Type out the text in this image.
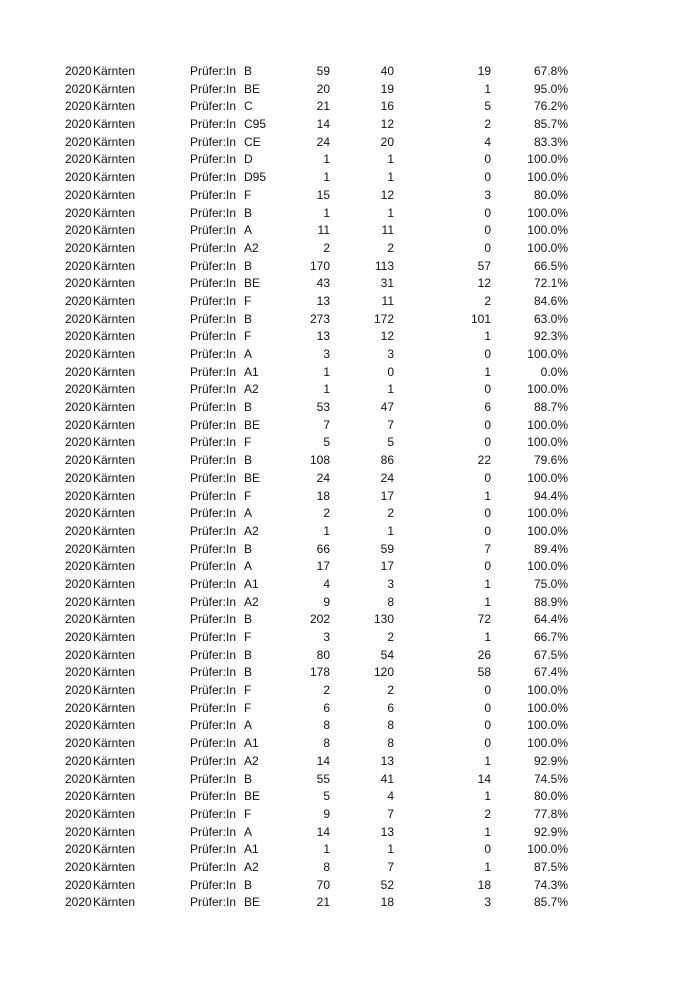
2020 Kärnten	Prüfer:In B	59	40	19	67.8%
2020 Kärnten	Prüfer:In BE	20	19	1	95.0%
2020 Kärnten	Prüfer:In C	21	16	5	76.2%
2020 Kärnten	Prüfer:In C95	14	12	2	85.7%
2020 Kärnten	Prüfer:In CE	24	20	4	83.3%
2020 Kärnten	Prüfer:In D	1	1	0	100.0%
2020 Kärnten	Prüfer:In D95	1	1	0	100.0%
2020 Kärnten	Prüfer:In F	15	12	3	80.0%
2020 Kärnten	Prüfer:In B	1	1	0	100.0%
2020 Kärnten	Prüfer:In A	11	11	0	100.0%
2020 Kärnten	Prüfer:In A2	2	2	0	100.0%
2020 Kärnten	Prüfer:In B	170	113	57	66.5%
2020 Kärnten	Prüfer:In BE	43	31	12	72.1%
2020 Kärnten	Prüfer:In F	13	11	2	84.6%
2020 Kärnten	Prüfer:In B	273	172	101	63.0%
2020 Kärnten	Prüfer:In F	13	12	1	92.3%
2020 Kärnten	Prüfer:In A	3	3	0	100.0%
2020 Kärnten	Prüfer:In A1	1	0	1	0.0%
2020 Kärnten	Prüfer:In A2	1	1	0	100.0%
2020 Kärnten	Prüfer:In B	53	47	6	88.7%
2020 Kärnten	Prüfer:In BE	7	7	0	100.0%
2020 Kärnten	Prüfer:In F	5	5	0	100.0%
2020 Kärnten	Prüfer:In B	108	86	22	79.6%
2020 Kärnten	Prüfer:In BE	24	24	0	100.0%
2020 Kärnten	Prüfer:In F	18	17	1	94.4%
2020 Kärnten	Prüfer:In A	2	2	0	100.0%
2020 Kärnten	Prüfer:In A2	1	1	0	100.0%
2020 Kärnten	Prüfer:In B	66	59	7	89.4%
2020 Kärnten	Prüfer:In A	17	17	0	100.0%
2020 Kärnten	Prüfer:In A1	4	3	1	75.0%
2020 Kärnten	Prüfer:In A2	9	8	1	88.9%
2020 Kärnten	Prüfer:In B	202	130	72	64.4%
2020 Kärnten	Prüfer:In F	3	2	1	66.7%
2020 Kärnten	Prüfer:In B	80	54	26	67.5%
2020 Kärnten	Prüfer:In B	178	120	58	67.4%
2020 Kärnten	Prüfer:In F	2	2	0	100.0%
2020 Kärnten	Prüfer:In F	6	6	0	100.0%
2020 Kärnten	Prüfer:In A	8	8	0	100.0%
2020 Kärnten	Prüfer:In A1	8	8	0	100.0%
2020 Kärnten	Prüfer:In A2	14	13	1	92.9%
2020 Kärnten	Prüfer:In B	55	41	14	74.5%
2020 Kärnten	Prüfer:In BE	5	4	1	80.0%
2020 Kärnten	Prüfer:In F	9	7	2	77.8%
2020 Kärnten	Prüfer:In A	14	13	1	92.9%
2020 Kärnten	Prüfer:In A1	1	1	0	100.0%
2020 Kärnten	Prüfer:In A2	8	7	1	87.5%
2020 Kärnten	Prüfer:In B	70	52	18	74.3%
2020 Kärnten	Prüfer:In BE	21	18	3	85.7%
